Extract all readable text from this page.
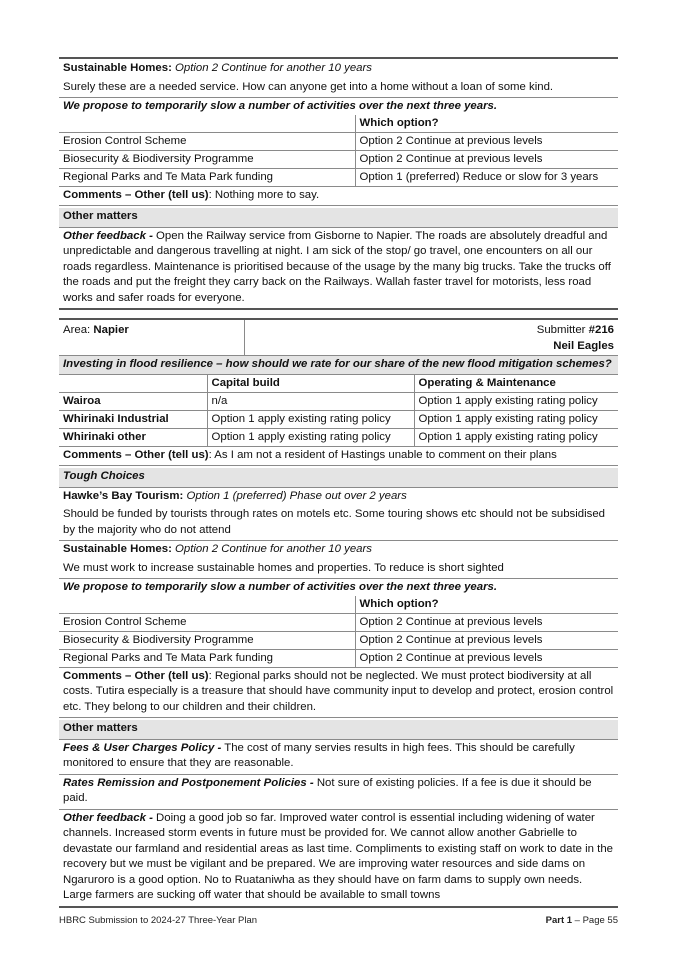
Sustainable Homes: Option 2 Continue for another 10 years
Surely these are a needed service. How can anyone get into a home without a loan of some kind.
We propose to temporarily slow a number of activities over the next three years.
	Which option?
Erosion Control Scheme	Option 2 Continue at previous levels
Biosecurity & Biodiversity Programme	Option 2 Continue at previous levels
Regional Parks and Te Mata Park funding	Option 1 (preferred) Reduce or slow for 3 years
Comments – Other (tell us): Nothing more to say.
Other matters
Other feedback - Open the Railway service from Gisborne to Napier. The roads are absolutely dreadful and unpredictable and dangerous travelling at night. I am sick of the stop/ go travel, one encounters on all our roads regardless. Maintenance is prioritised because of the usage by the many big trucks. Take the trucks off the roads and put the freight they carry back on the Railways. Wallah faster travel for motorists, less road works and safer roads for everyone.
Area: Napier	Submitter #216
Neil Eagles
Investing in flood resilience – how should we rate for our share of the new flood mitigation schemes?
	Capital build	Operating & Maintenance
Wairoa	n/a	Option 1 apply existing rating policy
Whirinaki Industrial	Option 1 apply existing rating policy	Option 1 apply existing rating policy
Whirinaki other	Option 1 apply existing rating policy	Option 1 apply existing rating policy
Comments – Other (tell us): As I am not a resident of Hastings unable to comment on their plans
Tough Choices
Hawke’s Bay Tourism: Option 1 (preferred) Phase out over 2 years
Should be funded by tourists through rates on motels etc. Some touring shows etc should not be subsidised by the majority who do not attend
Sustainable Homes: Option 2 Continue for another 10 years
We must work to increase sustainable homes and properties. To reduce is short sighted
We propose to temporarily slow a number of activities over the next three years.
	Which option?
Erosion Control Scheme	Option 2 Continue at previous levels
Biosecurity & Biodiversity Programme	Option 2 Continue at previous levels
Regional Parks and Te Mata Park funding	Option 2 Continue at previous levels
Comments – Other (tell us): Regional parks should not be neglected. We must protect biodiversity at all costs. Tutira especially is a treasure that should have community input to develop and protect, erosion control etc. They belong to our children and their children.
Other matters
Fees & User Charges Policy - The cost of many servies results in high fees. This should be carefully monitored to ensure that they are reasonable.
Rates Remission and Postponement Policies - Not sure of existing policies. If a fee is due it should be paid.
Other feedback - Doing a good job so far. Improved water control is essential including widening of water channels. Increased storm events in future must be provided for. We cannot allow another Gabrielle to devastate our farmland and residential areas as last time. Compliments to existing staff on work to date in the recovery but we must be vigilant and be prepared. We are improving water resources and side dams on Ngaruroro is a good option. No to Ruataniwha as they should have on farm dams to supply own needs. Large farmers are sucking off water that should be available to small towns
HBRC Submission to 2024-27 Three-Year Plan	Part 1 – Page 55
